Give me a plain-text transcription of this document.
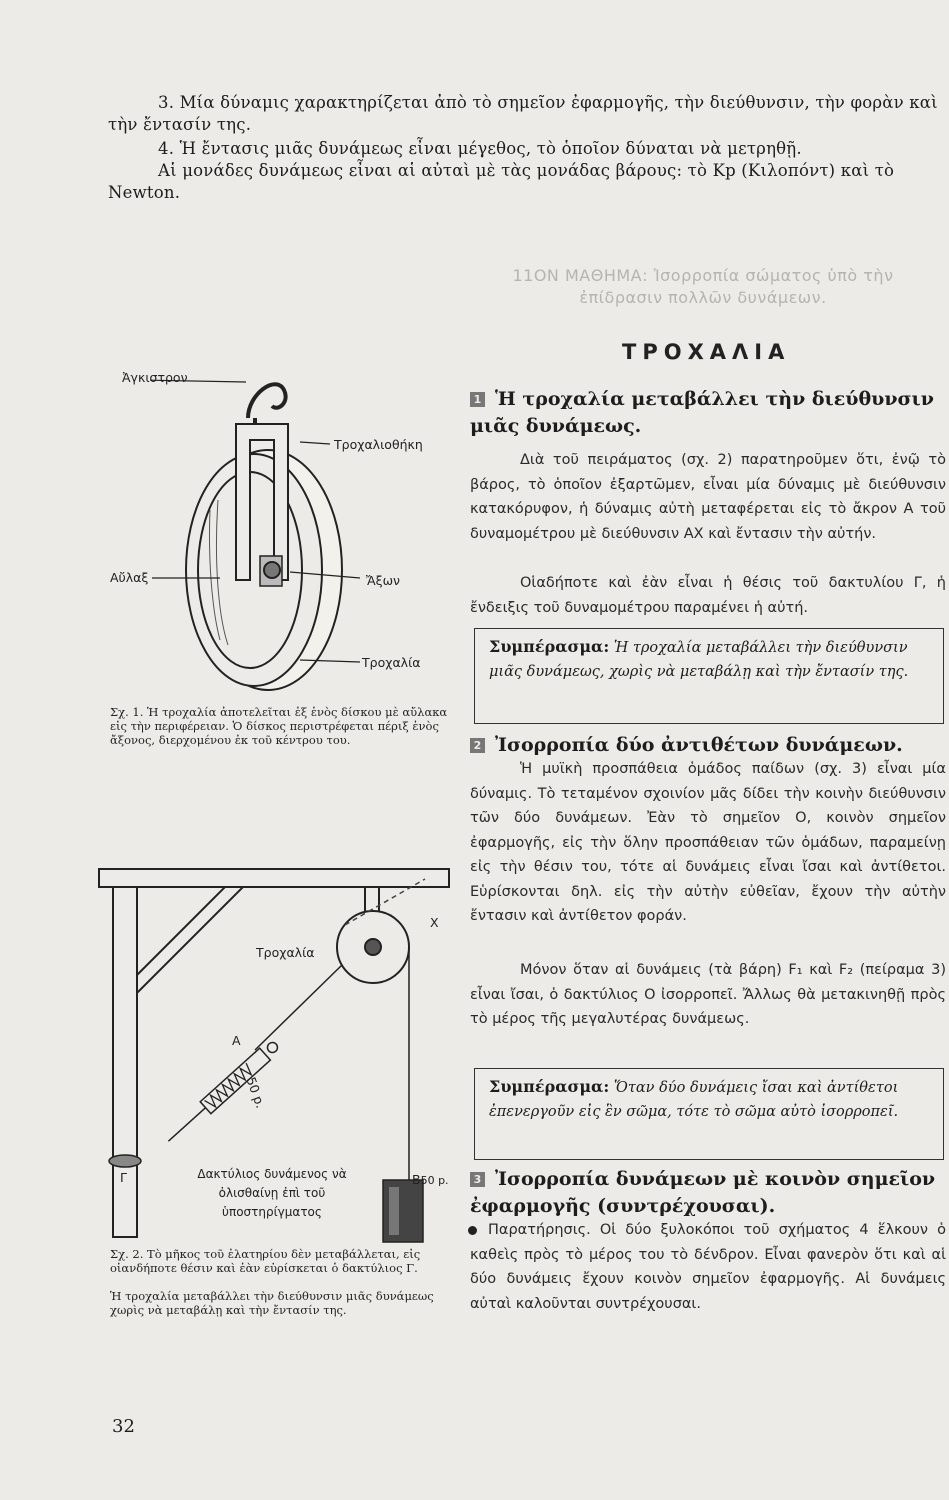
3. Μία δύναμις χαρακτηρίζεται ἀπὸ τὸ σημεῖον ἐφαρμογῆς, τὴν διεύθυνσιν, τὴν φορὰν καὶ τὴν ἔντασίν της.
4. Ἡ ἔντασις μιᾶς δυνάμεως εἶναι μέγεθος, τὸ ὁποῖον δύναται νὰ μετρηθῇ.
Αἱ μονάδες δυνάμεως εἶναι αἱ αὐταὶ μὲ τὰς μονάδας βάρους: τὸ Kp (Κιλοπόντ) καὶ τὸ Newton.
11ΟΝ ΜΑΘΗΜΑ: Ἰσορροπία σώματος ὑπὸ τὴν
ἐπίδρασιν πολλῶν δυνάμεων.
ΤΡΟΧΑΛΙΑ
1 Ἡ τροχαλία μεταβάλλει τὴν διεύθυνσιν μιᾶς δυνάμεως.
Διὰ τοῦ πειράματος (σχ. 2) παρατηροῦμεν ὅτι, ἐνῷ τὸ βάρος, τὸ ὁποῖον ἐξαρτῶμεν, εἶναι μία δύναμις μὲ διεύθυνσιν κατακόρυφον, ἡ δύναμις αὐτὴ μεταφέρεται εἰς τὸ ἄκρον Α τοῦ δυναμομέτρου μὲ διεύθυνσιν ΑΧ καὶ ἔντασιν τὴν αὐτήν.
Οἱαδήποτε καὶ ἐὰν εἶναι ἡ θέσις τοῦ δακτυλίου Γ, ἡ ἔνδειξις τοῦ δυναμομέτρου παραμένει ἡ αὐτή.
Συμπέρασμα: Ἡ τροχαλία μεταβάλλει τὴν διεύθυνσιν μιᾶς δυνάμεως, χωρὶς νὰ μεταβάλῃ καὶ τὴν ἔντασίν της.
2 Ἰσορροπία δύο ἀντιθέτων δυνάμεων.
Ἡ μυϊκὴ προσπάθεια ὁμάδος παίδων (σχ. 3) εἶναι μία δύναμις. Τὸ τεταμένον σχοινίον μᾶς δίδει τὴν κοινὴν διεύθυνσιν τῶν δύο δυνάμεων. Ἐὰν τὸ σημεῖον Ο, κοινὸν σημεῖον ἐφαρμογῆς, εἰς τὴν ὅλην προσπάθειαν τῶν ὁμάδων, παραμείνῃ εἰς τὴν θέσιν του, τότε αἱ δυνάμεις εἶναι ἴσαι καὶ ἀντίθετοι. Εὑρίσκονται δηλ. εἰς τὴν αὐτὴν εὐθεῖαν, ἔχουν τὴν αὐτὴν ἔντασιν καὶ ἀντίθετον φοράν.
Μόνον ὅταν αἱ δυνάμεις (τὰ βάρη) F₁ καὶ F₂ (πείραμα 3) εἶναι ἴσαι, ὁ δακτύλιος Ο ἰσορροπεῖ. Ἄλλως θὰ μετακινηθῇ πρὸς τὸ μέρος τῆς μεγαλυτέρας δυνάμεως.
Συμπέρασμα: Ὅταν δύο δυνάμεις ἴσαι καὶ ἀντίθετοι ἐπενεργοῦν εἰς ἓν σῶμα, τότε τὸ σῶμα αὐτὸ ἰσορροπεῖ.
3 Ἰσορροπία δυνάμεων μὲ κοινὸν σημεῖον ἐφαρμογῆς (συντρέχουσαι).
Παρατήρησις. Οἱ δύο ξυλοκόποι τοῦ σχήματος 4 ἕλκουν ὁ καθεὶς πρὸς τὸ μέρος του τὸ δένδρον. Εἶναι φανερὸν ὅτι καὶ αἱ δύο δυνάμεις ἔχουν κοινὸν σημεῖον ἐφαρμογῆς. Αἱ δυνάμεις αὐταὶ καλοῦνται συντρέχουσαι.
Ἀγκιστρον
Τροχαλιοθήκη
Αὔλαξ	Ἄξων
Τροχαλία
Σχ. 1. Ἡ τροχαλία ἀποτελεῖται ἐξ ἑνὸς δίσκου μὲ αὔλακα εἰς τὴν περιφέρειαν. Ὁ δίσκος περιστρέφεται πέριξ ἑνὸς ἄξονος, διερχομένου ἐκ τοῦ κέντρου του.
Τροχαλία
Χ
Α
50 p.
Γ	Β50 p.
Δακτύλιος δυνάμενος νὰ ὀλισθαίνῃ ἐπὶ τοῦ ὑποστηρίγματος
Σχ. 2. Τὸ μῆκος τοῦ ἐλατηρίου δὲν μεταβάλλεται, εἰς οἱανδήποτε θέσιν καὶ ἐὰν εὑρίσκεται ὁ δακτύλιος Γ.
Ἡ τροχαλία μεταβάλλει τὴν διεύθυνσιν μιᾶς δυνάμεως χωρὶς νὰ μεταβάλῃ καὶ τὴν ἔντασίν της.
32
